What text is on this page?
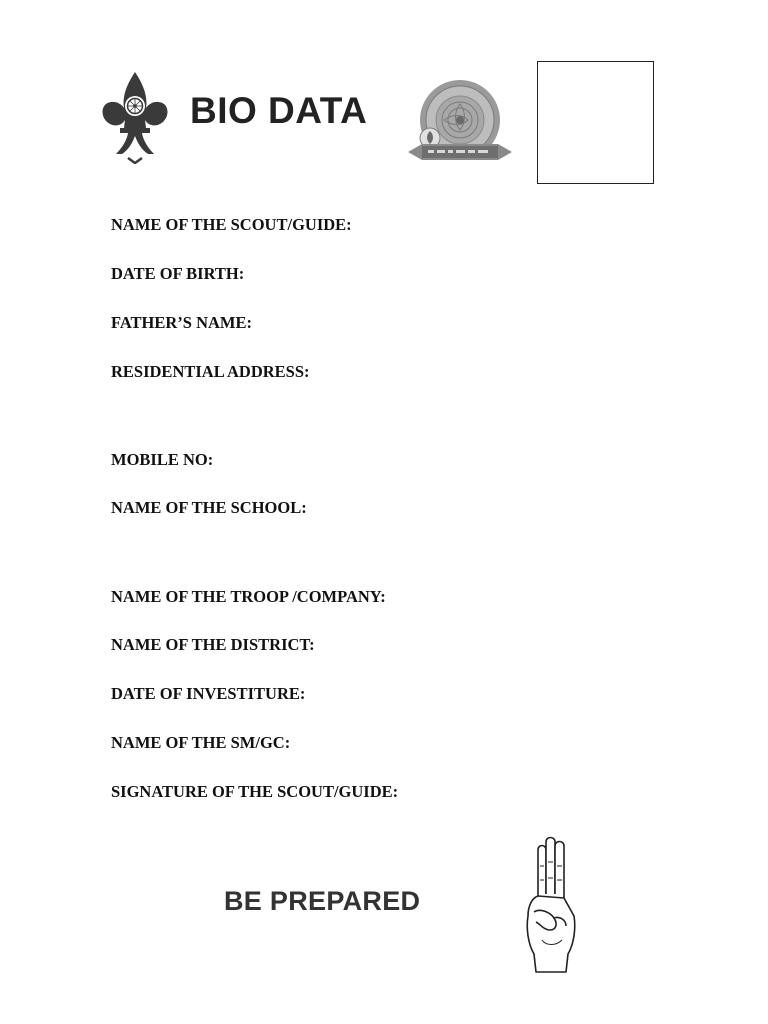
BIO DATA
NAME OF THE SCOUT/GUIDE:
DATE OF BIRTH:
FATHER’S NAME:
RESIDENTIAL ADDRESS:
MOBILE NO:
NAME OF THE SCHOOL:
NAME OF THE TROOP /COMPANY:
NAME OF THE DISTRICT:
DATE OF INVESTITURE:
NAME OF THE SM/GC:
SIGNATURE OF THE SCOUT/GUIDE:
BE PREPARED
